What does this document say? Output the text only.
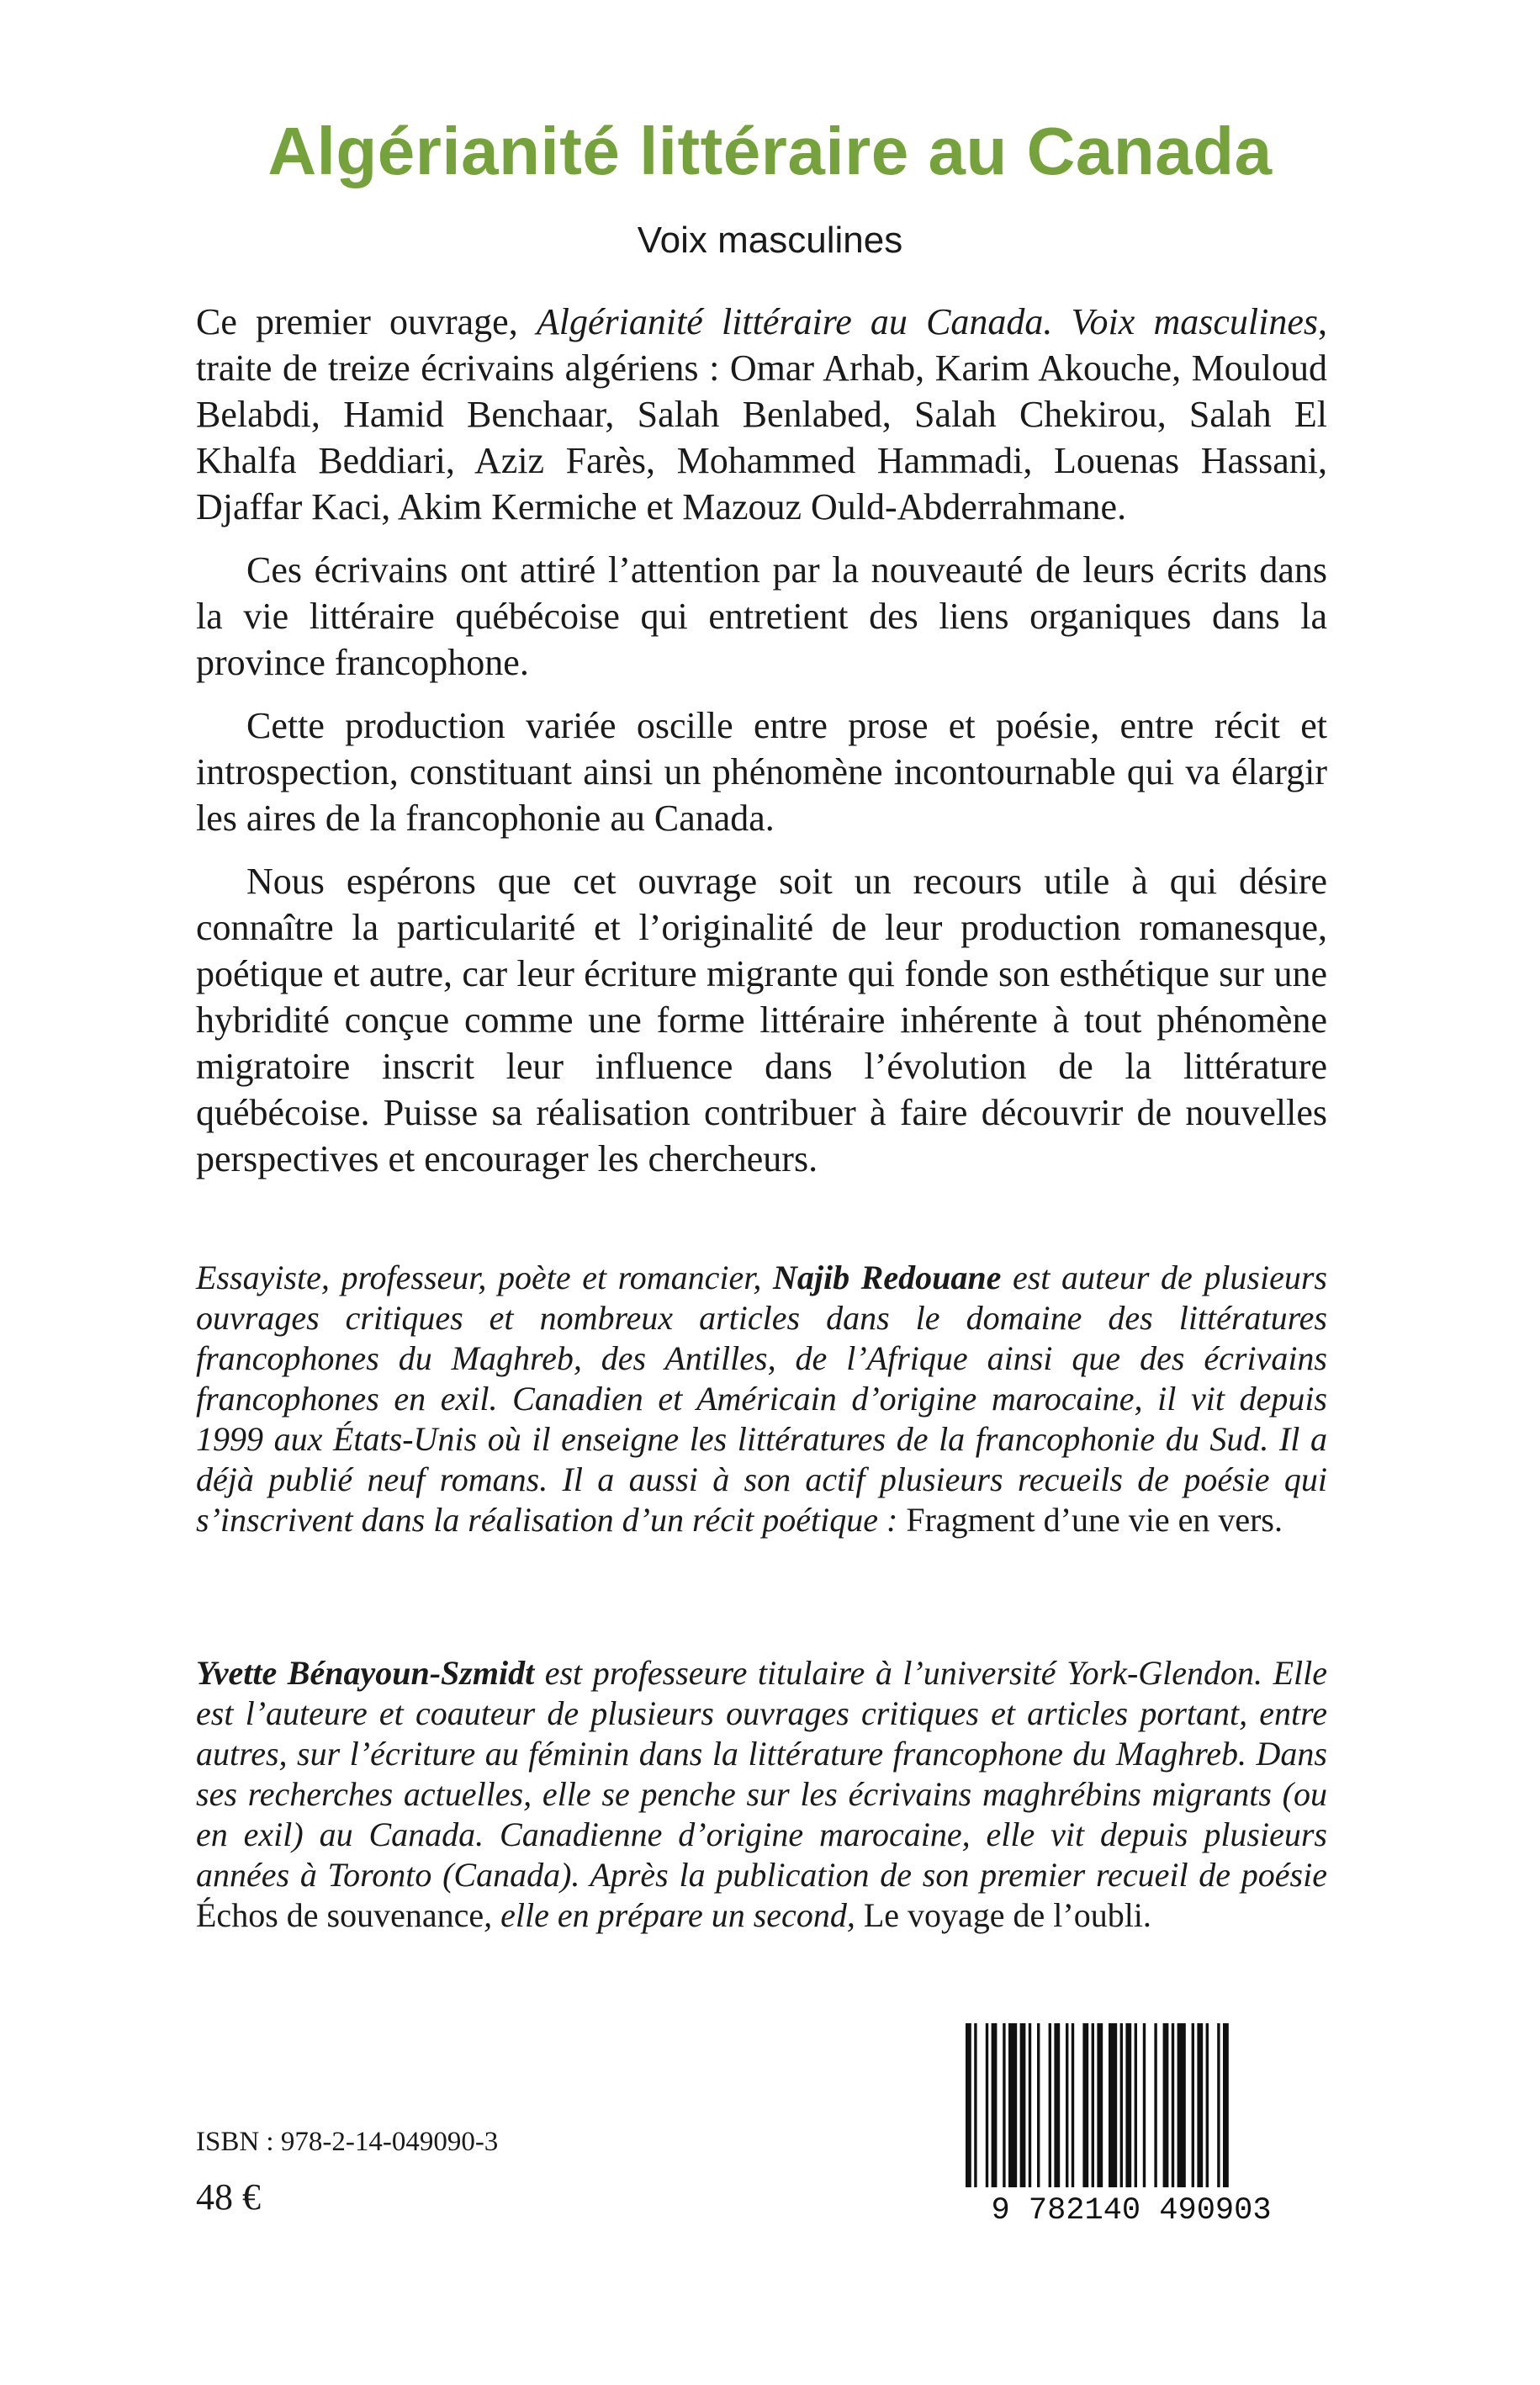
Algérianité littéraire au Canada
Voix masculines

Ce premier ouvrage, Algérianité littéraire au Canada. Voix masculines, traite de treize écrivains algériens : Omar Arhab, Karim Akouche, Mouloud Belabdi, Hamid Benchaar, Salah Benlabed, Salah Chekirou, Salah El Khalfa Beddiari, Aziz Farès, Mohammed Hammadi, Louenas Hassani, Djaffar Kaci, Akim Kermiche et Mazouz Ould-Abderrahmane.

Ces écrivains ont attiré l’attention par la nouveauté de leurs écrits dans la vie littéraire québécoise qui entretient des liens organiques dans la province francophone.

Cette production variée oscille entre prose et poésie, entre récit et introspection, constituant ainsi un phénomène incontournable qui va élargir les aires de la francophonie au Canada.

Nous espérons que cet ouvrage soit un recours utile à qui désire connaître la particularité et l’originalité de leur production romanesque, poétique et autre, car leur écriture migrante qui fonde son esthétique sur une hybridité conçue comme une forme littéraire inhérente à tout phénomène migratoire inscrit leur influence dans l’évolution de la littérature québécoise. Puisse sa réalisation contribuer à faire découvrir de nouvelles perspectives et encourager les chercheurs.

Essayiste, professeur, poète et romancier, Najib Redouane est auteur de plusieurs ouvrages critiques et nombreux articles dans le domaine des littératures francophones du Maghreb, des Antilles, de l’Afrique ainsi que des écrivains francophones en exil. Canadien et Américain d’origine marocaine, il vit depuis 1999 aux États-Unis où il enseigne les littératures de la francophonie du Sud. Il a déjà publié neuf romans. Il a aussi à son actif plusieurs recueils de poésie qui s’inscrivent dans la réalisation d’un récit poétique : Fragment d’une vie en vers.
Yvette Bénayoun-Szmidt est professeure titulaire à l’université York-Glendon. Elle est l’auteure et coauteur de plusieurs ouvrages critiques et articles portant, entre autres, sur l’écriture au féminin dans la littérature francophone du Maghreb. Dans ses recherches actuelles, elle se penche sur les écrivains maghrébins migrants (ou en exil) au Canada. Canadienne d’origine marocaine, elle vit depuis plusieurs années à Toronto (Canada). Après la publication de son premier recueil de poésie Échos de souvenance, elle en prépare un second, Le voyage de l’oubli.
ISBN : 978-2-14-049090-3
48 €	9 782140 490903
